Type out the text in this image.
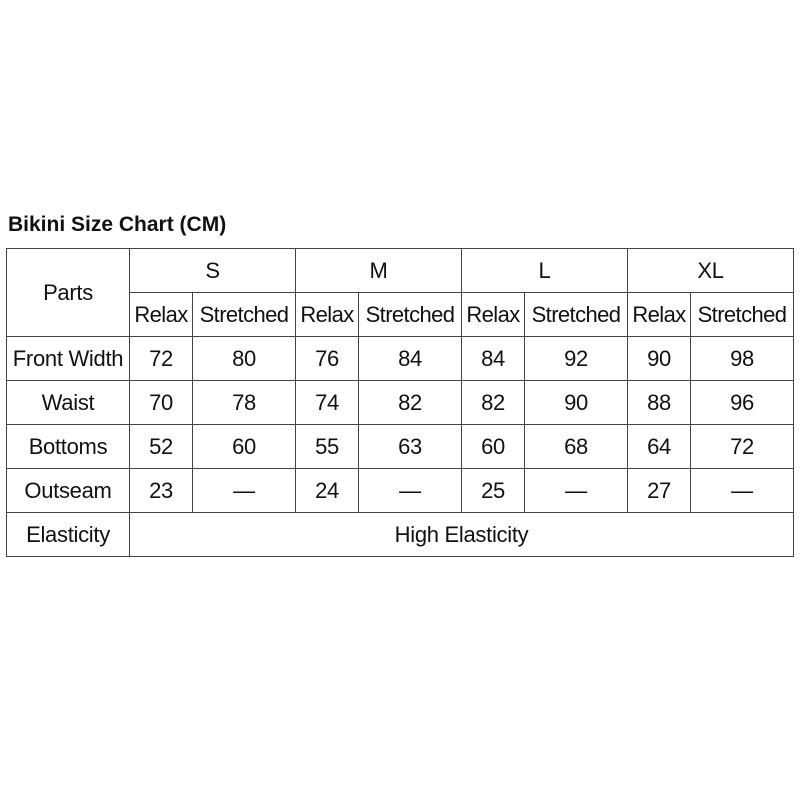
Bikini Size Chart (CM)
Parts	S		M		L		XL	
	Relax	Stretched	Relax	Stretched	Relax	Stretched	Relax	Stretched
Front Width	72	80	76	84	84	92	90	98
Waist	70	78	74	82	82	90	88	96
Bottoms	52	60	55	63	60	68	64	72
Outseam	23	—	24	—	25	—	27	—
Elasticity	High Elasticity							
